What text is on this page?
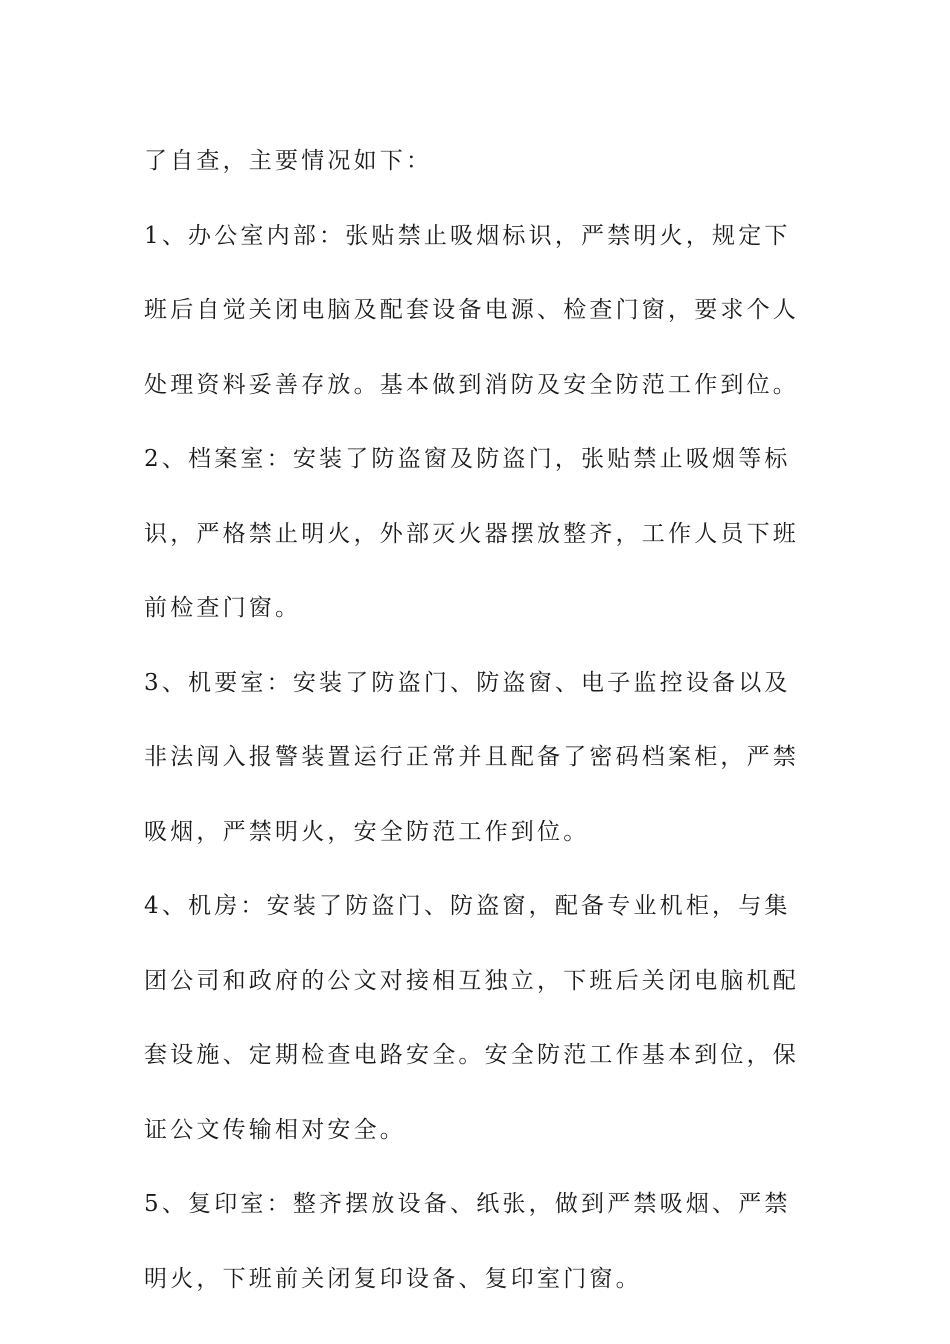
了自查，主要情况如下：

1、办公室内部：张贴禁止吸烟标识，严禁明火，规定下班后自觉关闭电脑及配套设备电源、检查门窗，要求个人处理资料妥善存放。基本做到消防及安全防范工作到位。

2、档案室：安装了防盗窗及防盗门，张贴禁止吸烟等标识，严格禁止明火，外部灭火器摆放整齐，工作人员下班前检查门窗。

3、机要室：安装了防盗门、防盗窗、电子监控设备以及非法闯入报警装置运行正常并且配备了密码档案柜，严禁吸烟，严禁明火，安全防范工作到位。

4、机房：安装了防盗门、防盗窗，配备专业机柜，与集团公司和政府的公文对接相互独立，下班后关闭电脑机配套设施、定期检查电路安全。安全防范工作基本到位，保证公文传输相对安全。

5、复印室：整齐摆放设备、纸张，做到严禁吸烟、严禁明火，下班前关闭复印设备、复印室门窗。
